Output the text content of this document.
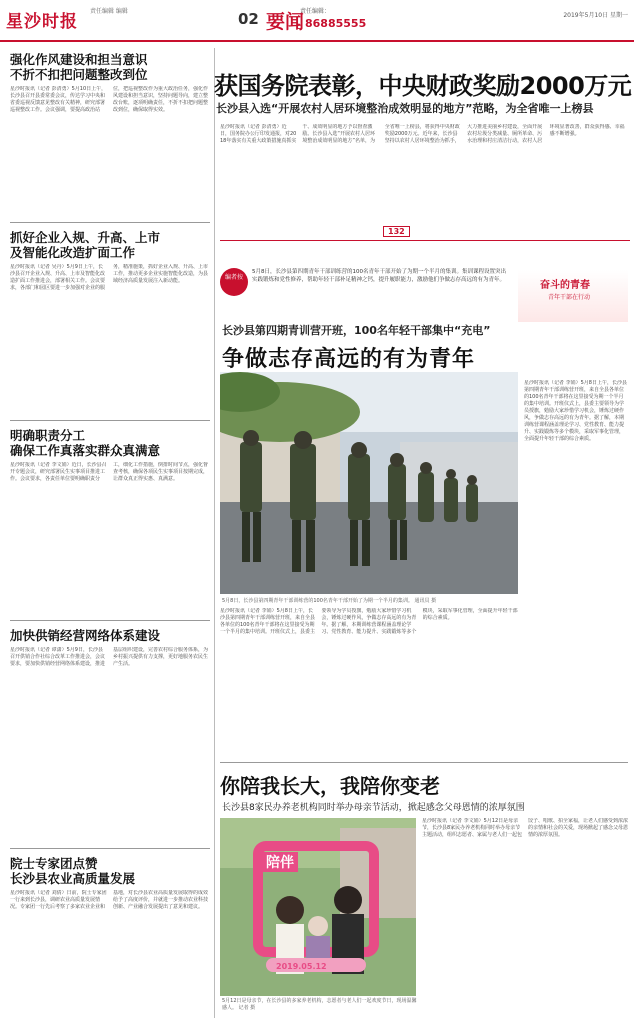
星沙时报
责任编辑 编辑	02 要闻
责任编辑：
86885555
2019年5月10日 星期一
强化作风建设和担当意识
不折不扣把问题整改到位
星沙时报讯（记者 彭清勇）5月10日上午，长沙县召开县委常委会议，传达学习中央和省委巡视反馈意见整改有关精神，研究部署巡视整改工作。会议强调，要提高政治站位，把巡视整改作为重大政治任务，强化作风建设和担当意识，坚持问题导向，建立整改台账，逐项明确责任，不折不扣把问题整改到位，确保取得实效。
抓好企业入规、升高、上市
及智能化改造扩面工作
星沙时报讯（记者 吴丹）5月9日上午，长沙县召开企业入规、升高、上市及智能化改造扩面工作推进会，部署相关工作。会议要求，各部门和园区要进一步加强对企业的服务，精准施策，抓好企业入规、升高、上市工作，推动更多企业实施智能化改造，为县域经济高质量发展注入新动能。
明确职责分工
确保工作真落实群众真满意
星沙时报讯（记者 李文娟）近日，长沙县召开专题会议，研究部署民生实事项目推进工作。会议要求，各责任单位要明确职责分工，细化工作措施，倒排时间节点，强化督查考核，确保各项民生实事项目按期完成，让群众真正得实惠、真满意。
加快供销经营网络体系建设
星沙时报讯（记者 谭潇）5月9日，长沙县召开供销合作社综合改革工作推进会，会议要求，要加快供销经营网络体系建设，推进基层组织建设，完善农村综合服务体系，为乡村振兴提供有力支撑，更好地服务农民生产生活。
院士专家团点赞
长沙县农业高质量发展
星沙时报讯（记者 刘倩）日前，院士专家团一行来到长沙县，调研农业高质量发展情况。专家团一行先后考察了多家农业企业和基地，对长沙县农业高质量发展取得的成效给予了高度评价，并就进一步推动农业科技创新、产业融合发展提出了意见和建议。
获国务院表彰，中央财政奖励2000万元
长沙县入选“开展农村人居环境整治成效明显的地方”范略，为全省唯一上榜县
星沙时报讯（记者 彭清勇）近日，国务院办公厅印发通报，对2018年落实有关重大政策措施真抓实干、成效明显的地方予以督查激励。长沙县入选“开展农村人居环境整治成效明显的地方”名单，为全省唯一上榜县，将获得中央财政奖励2000万元。近年来，长沙县坚持以农村人居环境整治为抓手，大力推进美丽乡村建设，全面开展农村垃圾分类减量、厕所革命、污水治理和村庄清洁行动，农村人居环境显著改善，群众获得感、幸福感不断增强。
132
编者按
5月8日，长沙县第四期青年干部训练营的100名青年干部开始了为期一个半月的集训。集训课程设置突出实践锻炼和党性修养，帮助年轻干部补足精神之钙，提升履职能力，激励他们争做志存高远的有为青年。	奋斗的青春
青年干部在行动
长沙县第四期青训营开班，100名年轻干部集中“充电”
争做志存高远的有为青年
5月8日，长沙县第四期青年干部训练营的100名青年干部开始了为期一个半月的集训。 通讯员 摄
星沙时报讯（记者 李娟）5月8日上午，长沙县第四期青年干部训练营开班，来自全县各单位的100名青年干部将在这里接受为期一个半月的集中培训。开班仪式上，县委主要领导为学员授旗，勉励大家珍惜学习机会，锤炼过硬作风，争做志存高远的有为青年。据了解，本期训练营课程涵盖理论学习、党性教育、能力提升、实践锻炼等多个模块，采取军事化管理，全面提升年轻干部的综合素质。
星沙时报讯（记者 李娟）5月8日上午，长沙县第四期青年干部训练营开班，来自全县各单位的100名青年干部将在这里接受为期一个半月的集中培训。开班仪式上，县委主要领导为学员授旗，勉励大家珍惜学习机会，锤炼过硬作风，争做志存高远的有为青年。据了解，本期训练营课程涵盖理论学习、党性教育、能力提升、实践锻炼等多个模块，采取军事化管理，全面提升年轻干部的综合素质。
你陪我长大，我陪你变老
长沙县8家民办养老机构同时举办母亲节活动，掀起感念父母恩情的浓厚氛围
陪伴
2019.05.12
5月12日是母亲节，在长沙县的多家养老机构，志愿者与老人们一起欢度节日，现场温馨感人。 记者 摄
星沙时报讯（记者 李文娟）5月12日是母亲节，长沙县8家民办养老机构同时举办母亲节主题活动，组织志愿者、家属与老人们一起包饺子、唱歌、拍全家福，让老人们感受到浓浓的亲情和社会的关爱，现场掀起了感念父母恩情的浓厚氛围。
